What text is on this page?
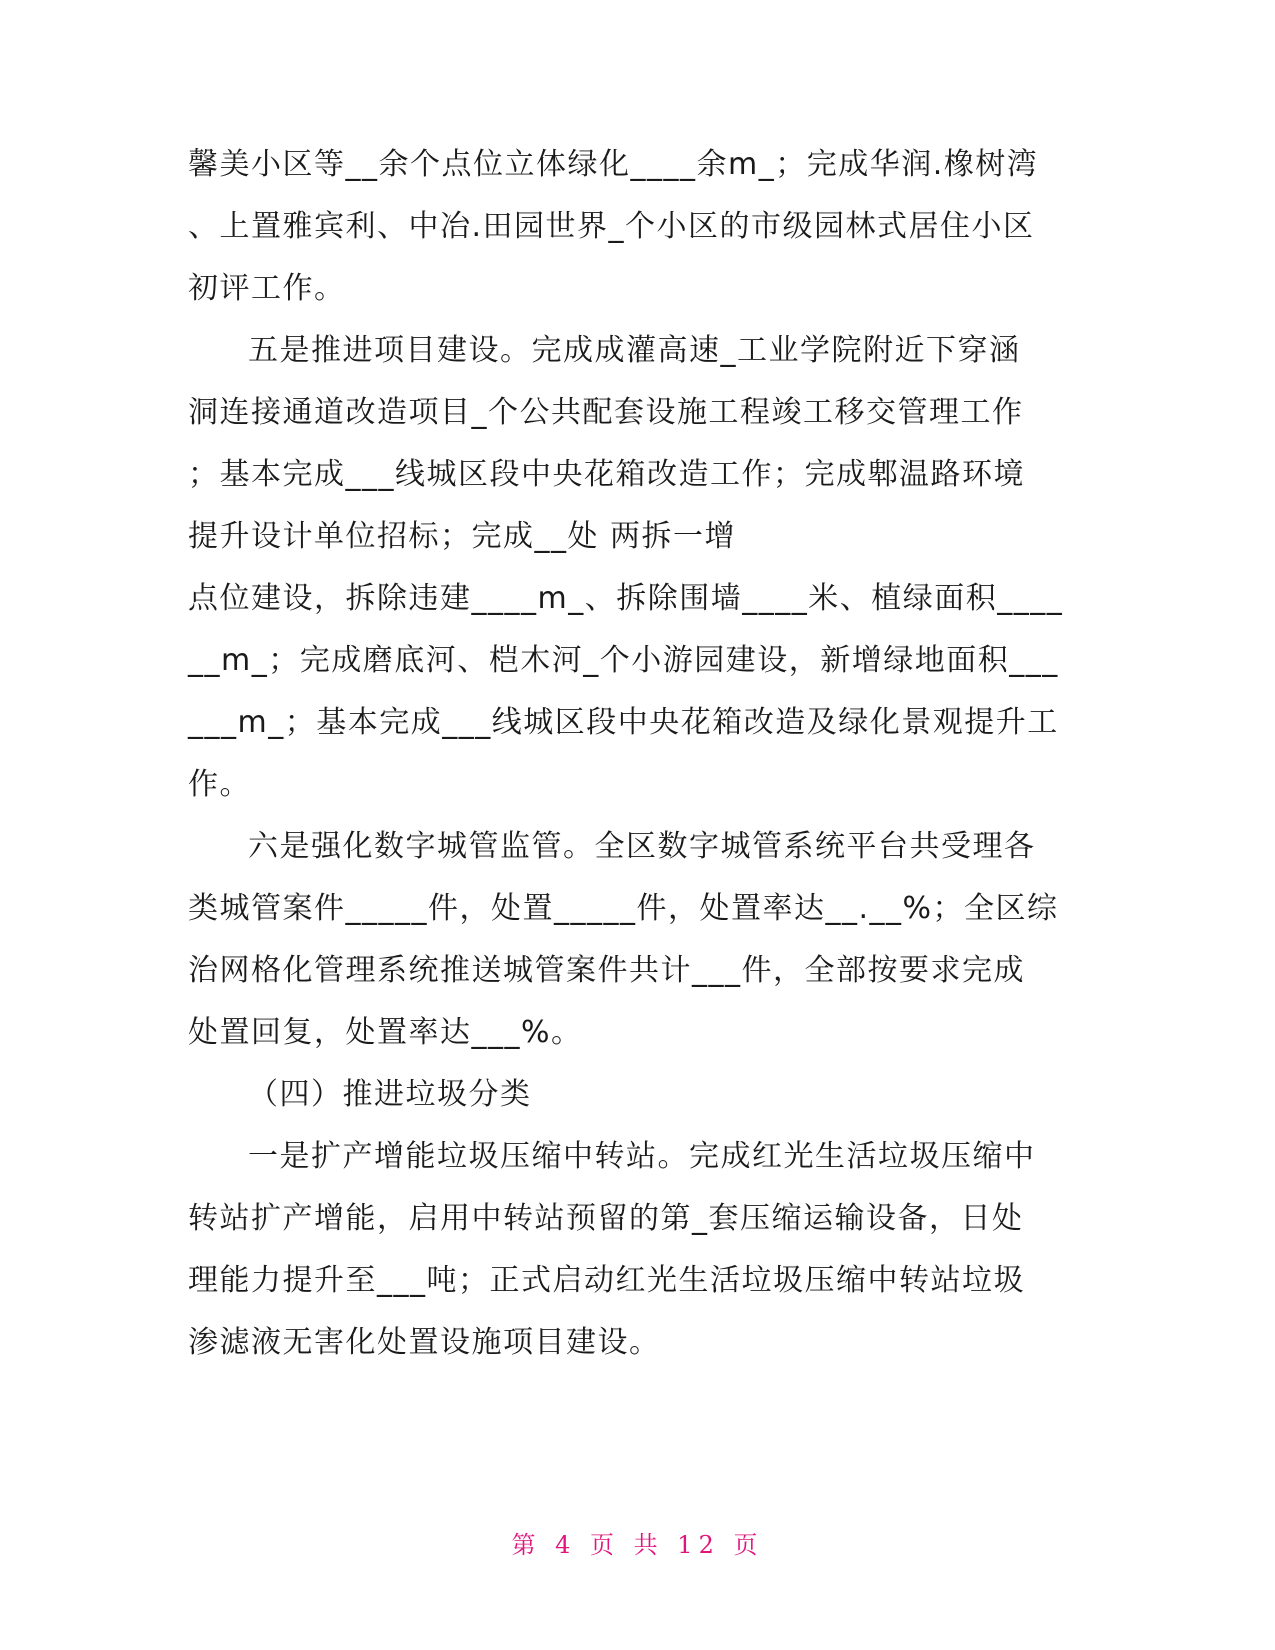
馨美小区等__余个点位立体绿化____余m_；完成华润.橡树湾
、上置雅宾利、中冶.田园世界_个小区的市级园林式居住小区
初评工作。
五是推进项目建设。完成成灌高速_工业学院附近下穿涵
洞连接通道改造项目_个公共配套设施工程竣工移交管理工作
；基本完成___线城区段中央花箱改造工作；完成郫温路环境
提升设计单位招标；完成__处 两拆一增
点位建设，拆除违建____m_、拆除围墙____米、植绿面积____
__m_；完成磨底河、桤木河_个小游园建设，新增绿地面积___
___m_；基本完成___线城区段中央花箱改造及绿化景观提升工
作。
六是强化数字城管监管。全区数字城管系统平台共受理各
类城管案件_____件，处置_____件，处置率达__.__%；全区综
治网格化管理系统推送城管案件共计___件，全部按要求完成
处置回复，处置率达___%。
（四）推进垃圾分类
一是扩产增能垃圾压缩中转站。完成红光生活垃圾压缩中
转站扩产增能，启用中转站预留的第_套压缩运输设备，日处
理能力提升至___吨；正式启动红光生活垃圾压缩中转站垃圾
渗滤液无害化处置设施项目建设。
第 4 页 共 12 页
